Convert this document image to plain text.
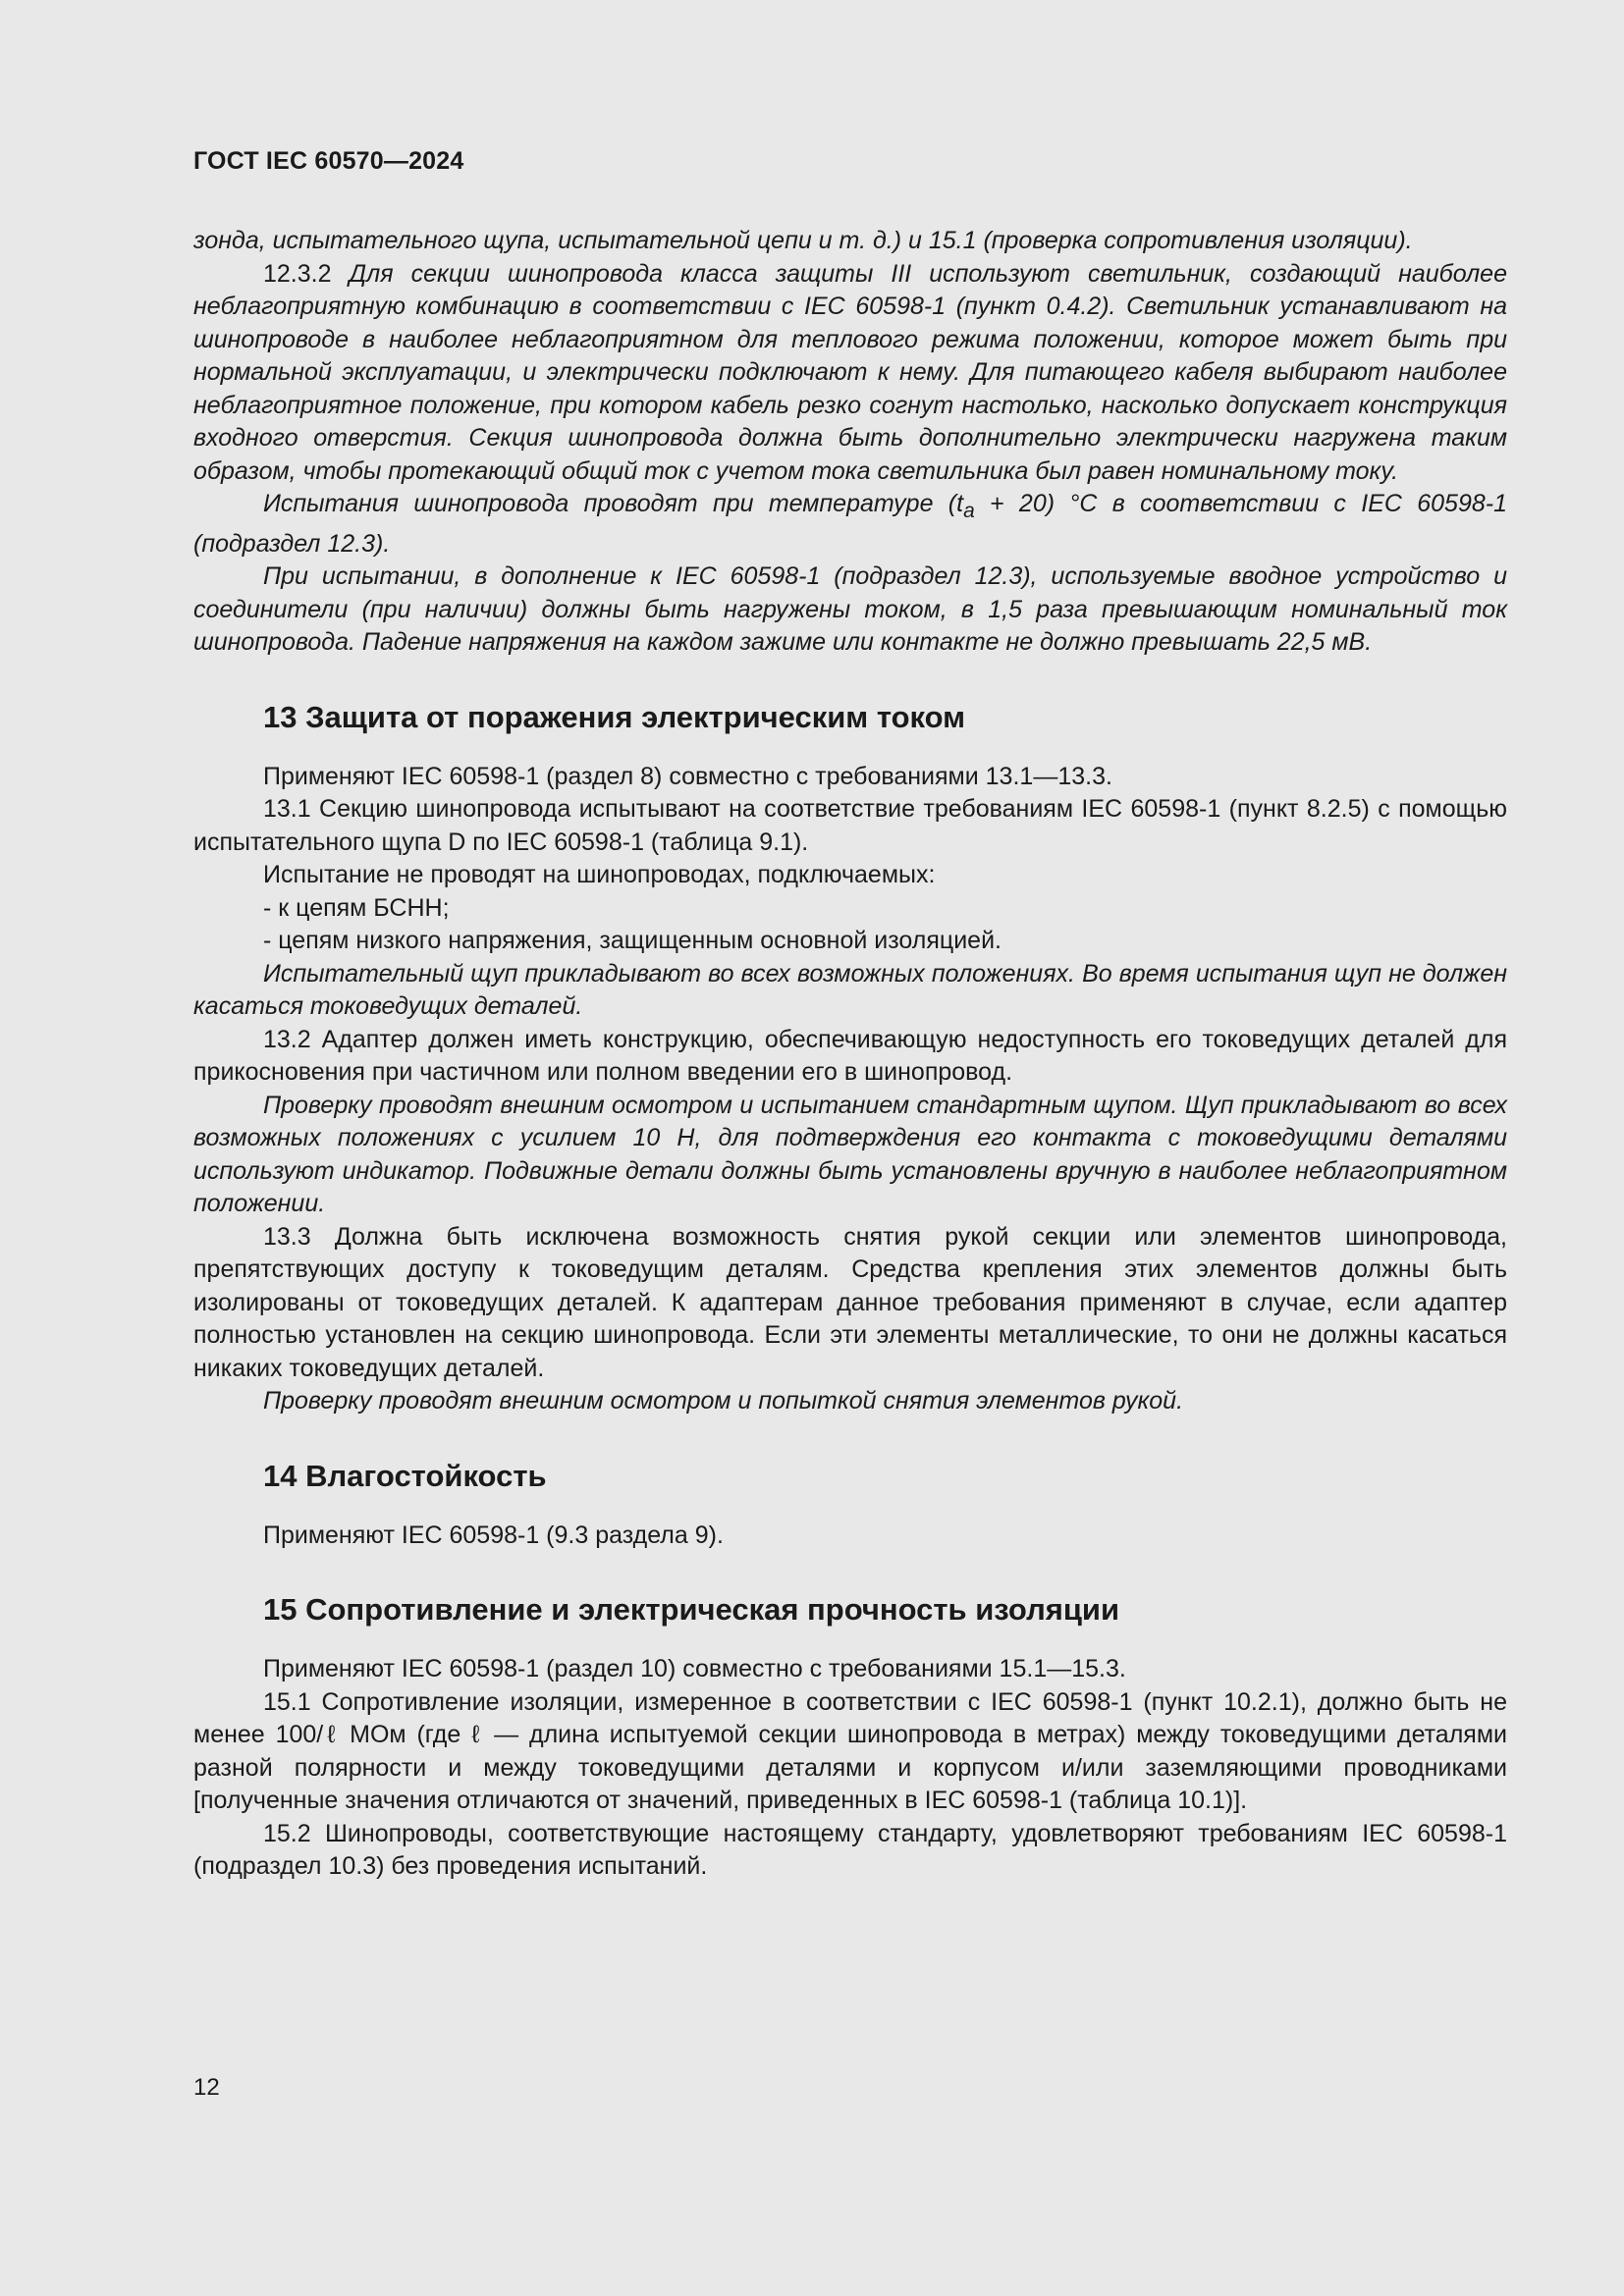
ГОСТ IEC 60570—2024

зонда, испытательного щупа, испытательной цепи и т. д.) и 15.1 (проверка сопротивления изоляции).

12.3.2 Для секции шинопровода класса защиты III используют светильник, создающий наиболее неблагоприятную комбинацию в соответствии с IEC 60598-1 (пункт 0.4.2). Светильник устанавливают на шинопроводе в наиболее неблагоприятном для теплового режима положении, которое может быть при нормальной эксплуатации, и электрически подключают к нему. Для питающего кабеля выбирают наиболее неблагоприятное положение, при котором кабель резко согнут настолько, насколько допускает конструкция входного отверстия. Секция шинопровода должна быть дополнительно электрически нагружена таким образом, чтобы протекающий общий ток с учетом тока светильника был равен номинальному току.

Испытания шинопровода проводят при температуре $(t_a + 20)$ °С в соответствии с IEC 60598-1 (подраздел 12.3).

При испытании, в дополнение к IEC 60598-1 (подраздел 12.3), используемые вводное устройство и соединители (при наличии) должны быть нагружены током, в 1,5 раза превышающим номинальный ток шинопровода. Падение напряжения на каждом зажиме или контакте не должно превышать 22,5 мВ.

13 Защита от поражения электрическим током

Применяют IEC 60598-1 (раздел 8) совместно с требованиями 13.1—13.3.

13.1 Секцию шинопровода испытывают на соответствие требованиям IEC 60598-1 (пункт 8.2.5) с помощью испытательного щупа D по IEC 60598-1 (таблица 9.1).

Испытание не проводят на шинопроводах, подключаемых:

- к цепям БСНН;

- цепям низкого напряжения, защищенным основной изоляцией.

Испытательный щуп прикладывают во всех возможных положениях. Во время испытания щуп не должен касаться токоведущих деталей.

13.2 Адаптер должен иметь конструкцию, обеспечивающую недоступность его токоведущих деталей для прикосновения при частичном или полном введении его в шинопровод.

Проверку проводят внешним осмотром и испытанием стандартным щупом. Щуп прикладывают во всех возможных положениях с усилием 10 Н, для подтверждения его контакта с токоведущими деталями используют индикатор. Подвижные детали должны быть установлены вручную в наиболее неблагоприятном положении.

13.3 Должна быть исключена возможность снятия рукой секции или элементов шинопровода, препятствующих доступу к токоведущим деталям. Средства крепления этих элементов должны быть изолированы от токоведущих деталей. К адаптерам данное требования применяют в случае, если адаптер полностью установлен на секцию шинопровода. Если эти элементы металлические, то они не должны касаться никаких токоведущих деталей.

Проверку проводят внешним осмотром и попыткой снятия элементов рукой.

14 Влагостойкость

Применяют IEC 60598-1 (9.3 раздела 9).

15 Сопротивление и электрическая прочность изоляции

Применяют IEC 60598-1 (раздел 10) совместно с требованиями 15.1—15.3.

15.1 Сопротивление изоляции, измеренное в соответствии с IEC 60598-1 (пункт 10.2.1), должно быть не менее 100/ℓ МОм (где ℓ — длина испытуемой секции шинопровода в метрах) между токоведущими деталями разной полярности и между токоведущими деталями и корпусом и/или заземляющими проводниками [полученные значения отличаются от значений, приведенных в IEC 60598-1 (таблица 10.1)].

15.2 Шинопроводы, соответствующие настоящему стандарту, удовлетворяют требованиям IEC 60598-1 (подраздел 10.3) без проведения испытаний.

12
